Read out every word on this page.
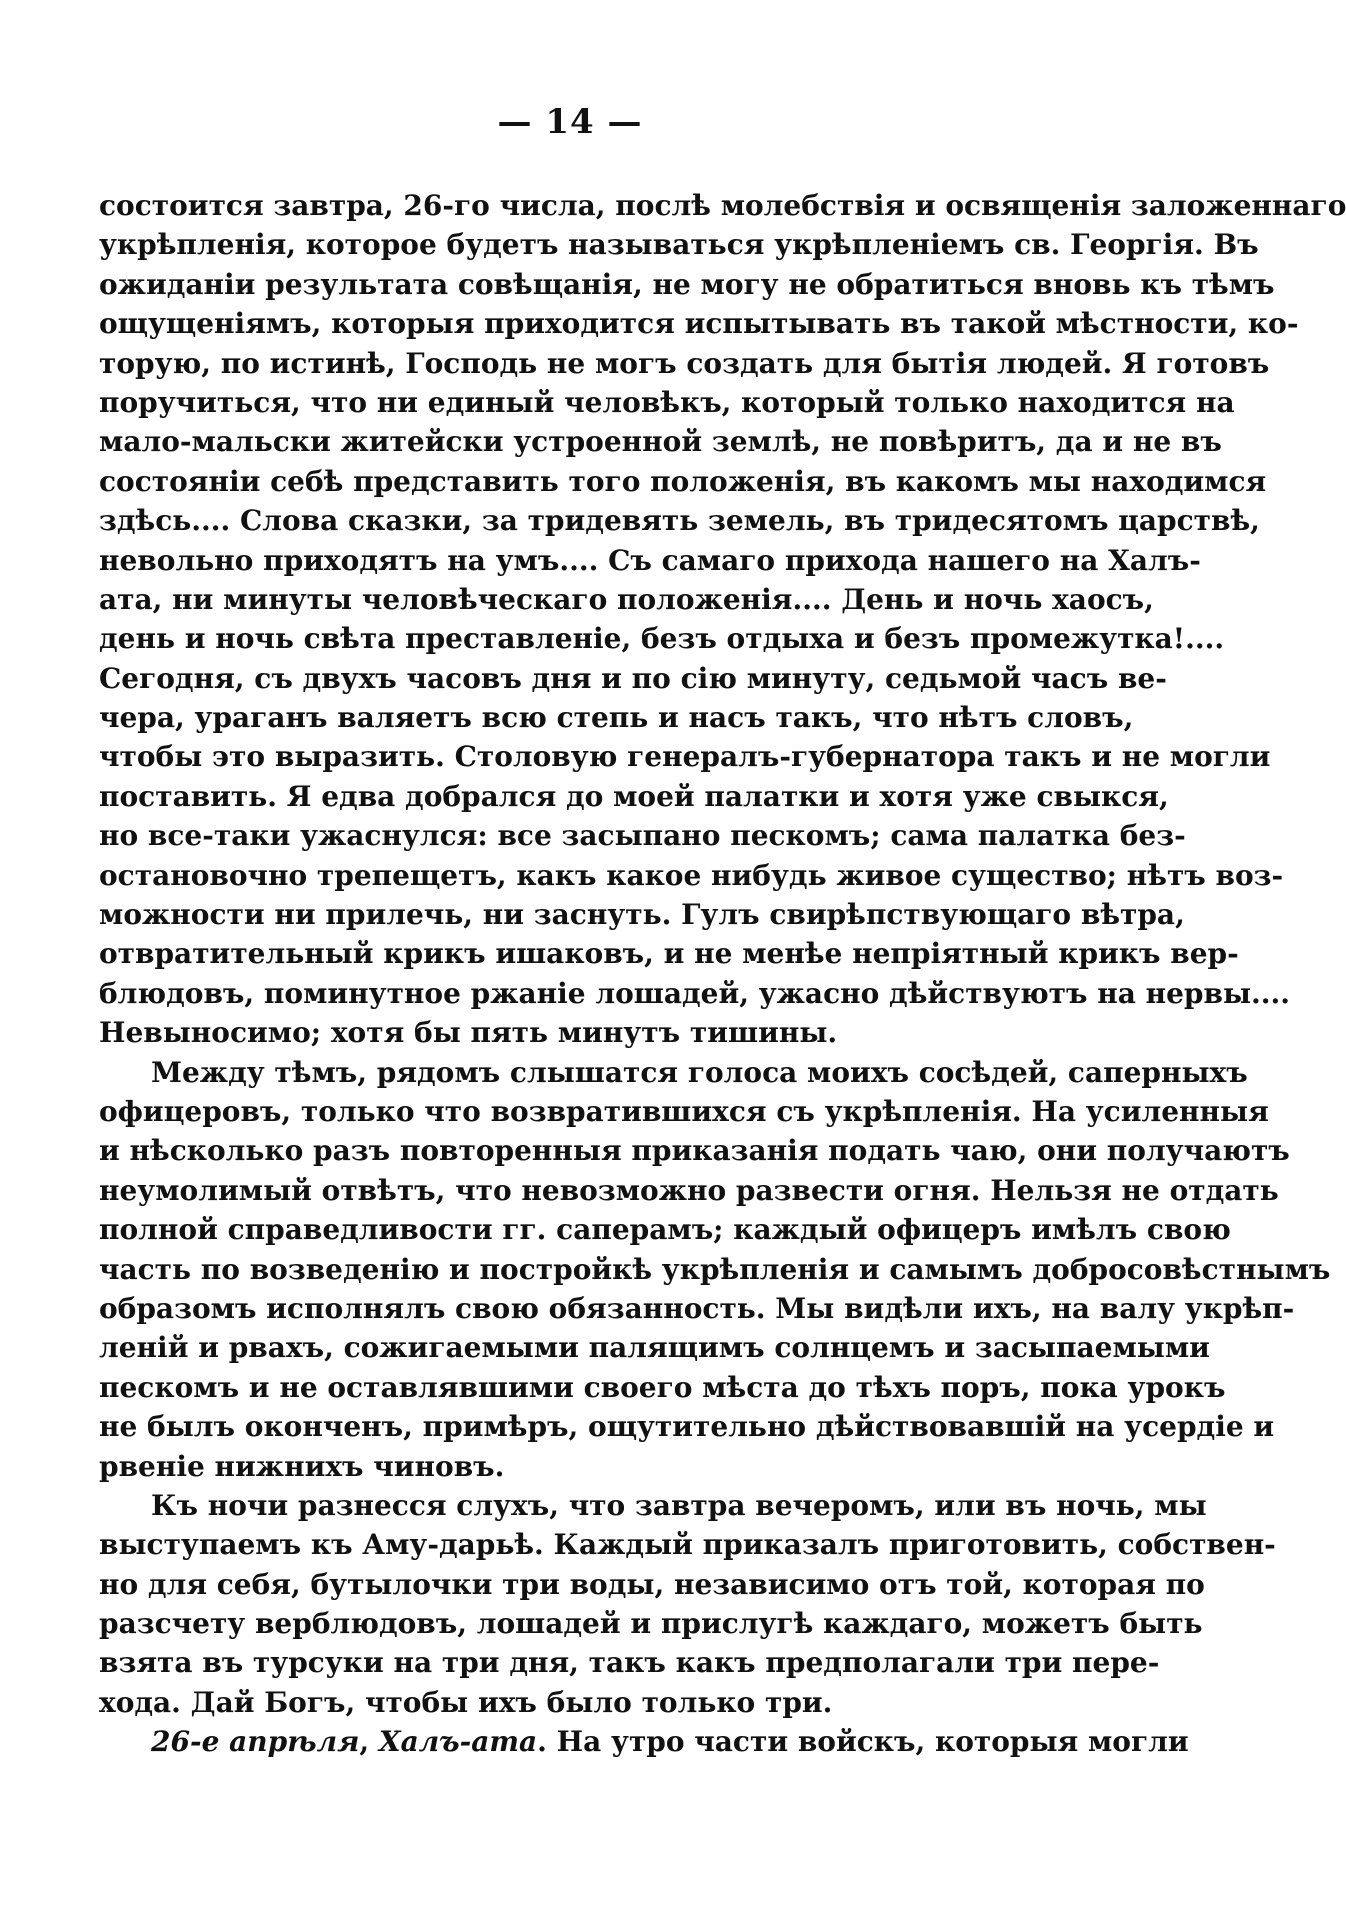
— 14 —
состоится завтра, 26-го числа, послѣ молебствія и освященія заложеннаго
укрѣпленія, которое будетъ называться укрѣпленіемъ св. Георгія. Въ
ожиданіи результата совѣщанія, не могу не обратиться вновь къ тѣмъ
ощущеніямъ, которыя приходится испытывать въ такой мѣстности, ко-
торую, по истинѣ, Господь не могъ создать для бытія людей. Я готовъ
поручиться, что ни единый человѣкъ, который только находится на
мало-мальски житейски устроенной землѣ, не повѣритъ, да и не въ
состояніи себѣ представить того положенія, въ какомъ мы находимся
здѣсь.... Слова сказки, за тридевять земель, въ тридесятомъ царствѣ,
невольно приходятъ на умъ.... Съ самаго прихода нашего на Халъ-
ата, ни минуты человѣческаго положенія.... День и ночь хаосъ,
день и ночь свѣта преставленіе, безъ отдыха и безъ промежутка!....
Сегодня, съ двухъ часовъ дня и по сію минуту, седьмой часъ ве-
чера, ураганъ валяетъ всю степь и насъ такъ, что нѣтъ словъ,
чтобы это выразить. Столовую генералъ-губернатора такъ и не могли
поставить. Я едва добрался до моей палатки и хотя уже свыкся,
но все-таки ужаснулся: все засыпано пескомъ; сама палатка без-
остановочно трепещетъ, какъ какое нибудь живое существо; нѣтъ воз-
можности ни прилечь, ни заснуть. Гулъ свирѣпствующаго вѣтра,
отвратительный крикъ ишаковъ, и не менѣе непріятный крикъ вер-
блюдовъ, поминутное ржаніе лошадей, ужасно дѣйствуютъ на нервы....
Невыносимо; хотя бы пять минутъ тишины.
Между тѣмъ, рядомъ слышатся голоса моихъ сосѣдей, саперныхъ
офицеровъ, только что возвратившихся съ укрѣпленія. На усиленныя
и нѣсколько разъ повторенныя приказанія подать чаю, они получаютъ
неумолимый отвѣтъ, что невозможно развести огня. Нельзя не отдать
полной справедливости гг. саперамъ; каждый офицеръ имѣлъ свою
часть по возведенію и постройкѣ укрѣпленія и самымъ добросовѣстнымъ
образомъ исполнялъ свою обязанность. Мы видѣли ихъ, на валу укрѣп-
леній и рвахъ, сожигаемыми палящимъ солнцемъ и засыпаемыми
пескомъ и не оставлявшими своего мѣста до тѣхъ поръ, пока урокъ
не былъ оконченъ, примѣръ, ощутительно дѣйствовавшій на усердіе и
рвеніе нижнихъ чиновъ.
Къ ночи разнесся слухъ, что завтра вечеромъ, или въ ночь, мы
выступаемъ къ Аму-дарьѣ. Каждый приказалъ приготовить, собствен-
но для себя, бутылочки три воды, независимо отъ той, которая по
разсчету верблюдовъ, лошадей и прислугѣ каждаго, можетъ быть
взята въ турсуки на три дня, такъ какъ предполагали три пере-
хода. Дай Богъ, чтобы ихъ было только три.
26-е апрѣля, Халъ-ата. На утро части войскъ, которыя могли
